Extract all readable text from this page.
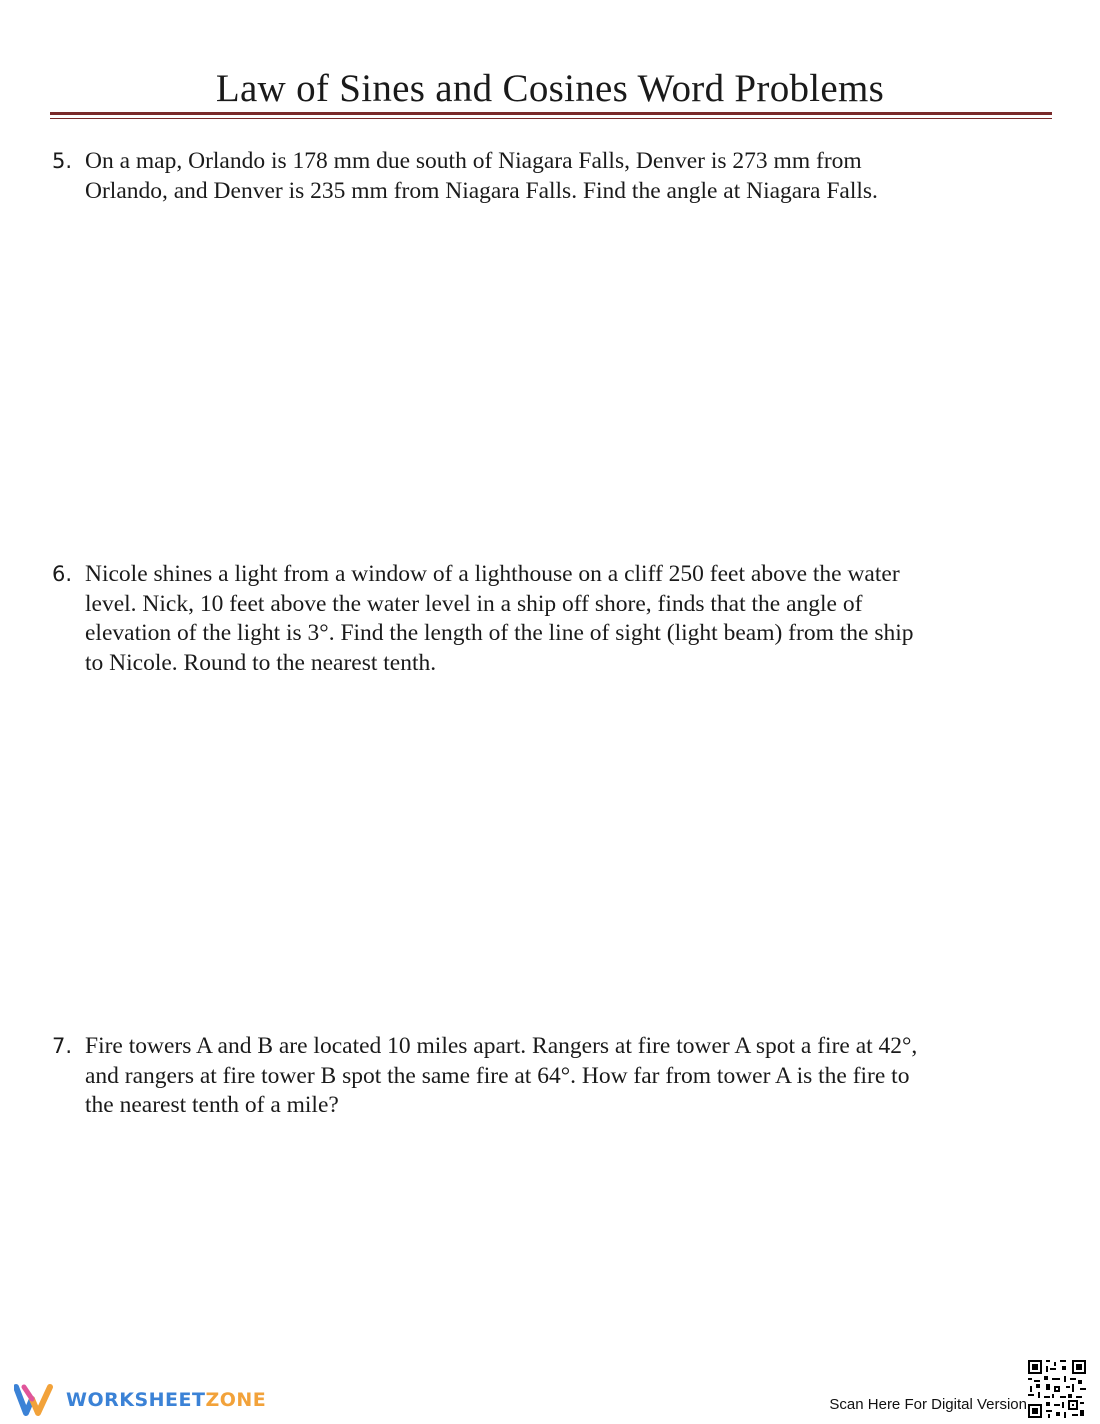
Law of Sines and Cosines Word Problems
5. On a map, Orlando is 178 mm due south of Niagara Falls, Denver is 273 mm from
Orlando, and Denver is 235 mm from Niagara Falls. Find the angle at Niagara Falls.
6. Nicole shines a light from a window of a lighthouse on a cliff 250 feet above the water
level. Nick, 10 feet above the water level in a ship off shore, finds that the angle of
elevation of the light is 3°. Find the length of the line of sight (light beam) from the ship
to Nicole. Round to the nearest tenth.
7. Fire towers A and B are located 10 miles apart. Rangers at fire tower A spot a fire at 42°,
and rangers at fire tower B spot the same fire at 64°. How far from tower A is the fire to
the nearest tenth of a mile?
WORKSHEETZONE	Scan Here For Digital Version
